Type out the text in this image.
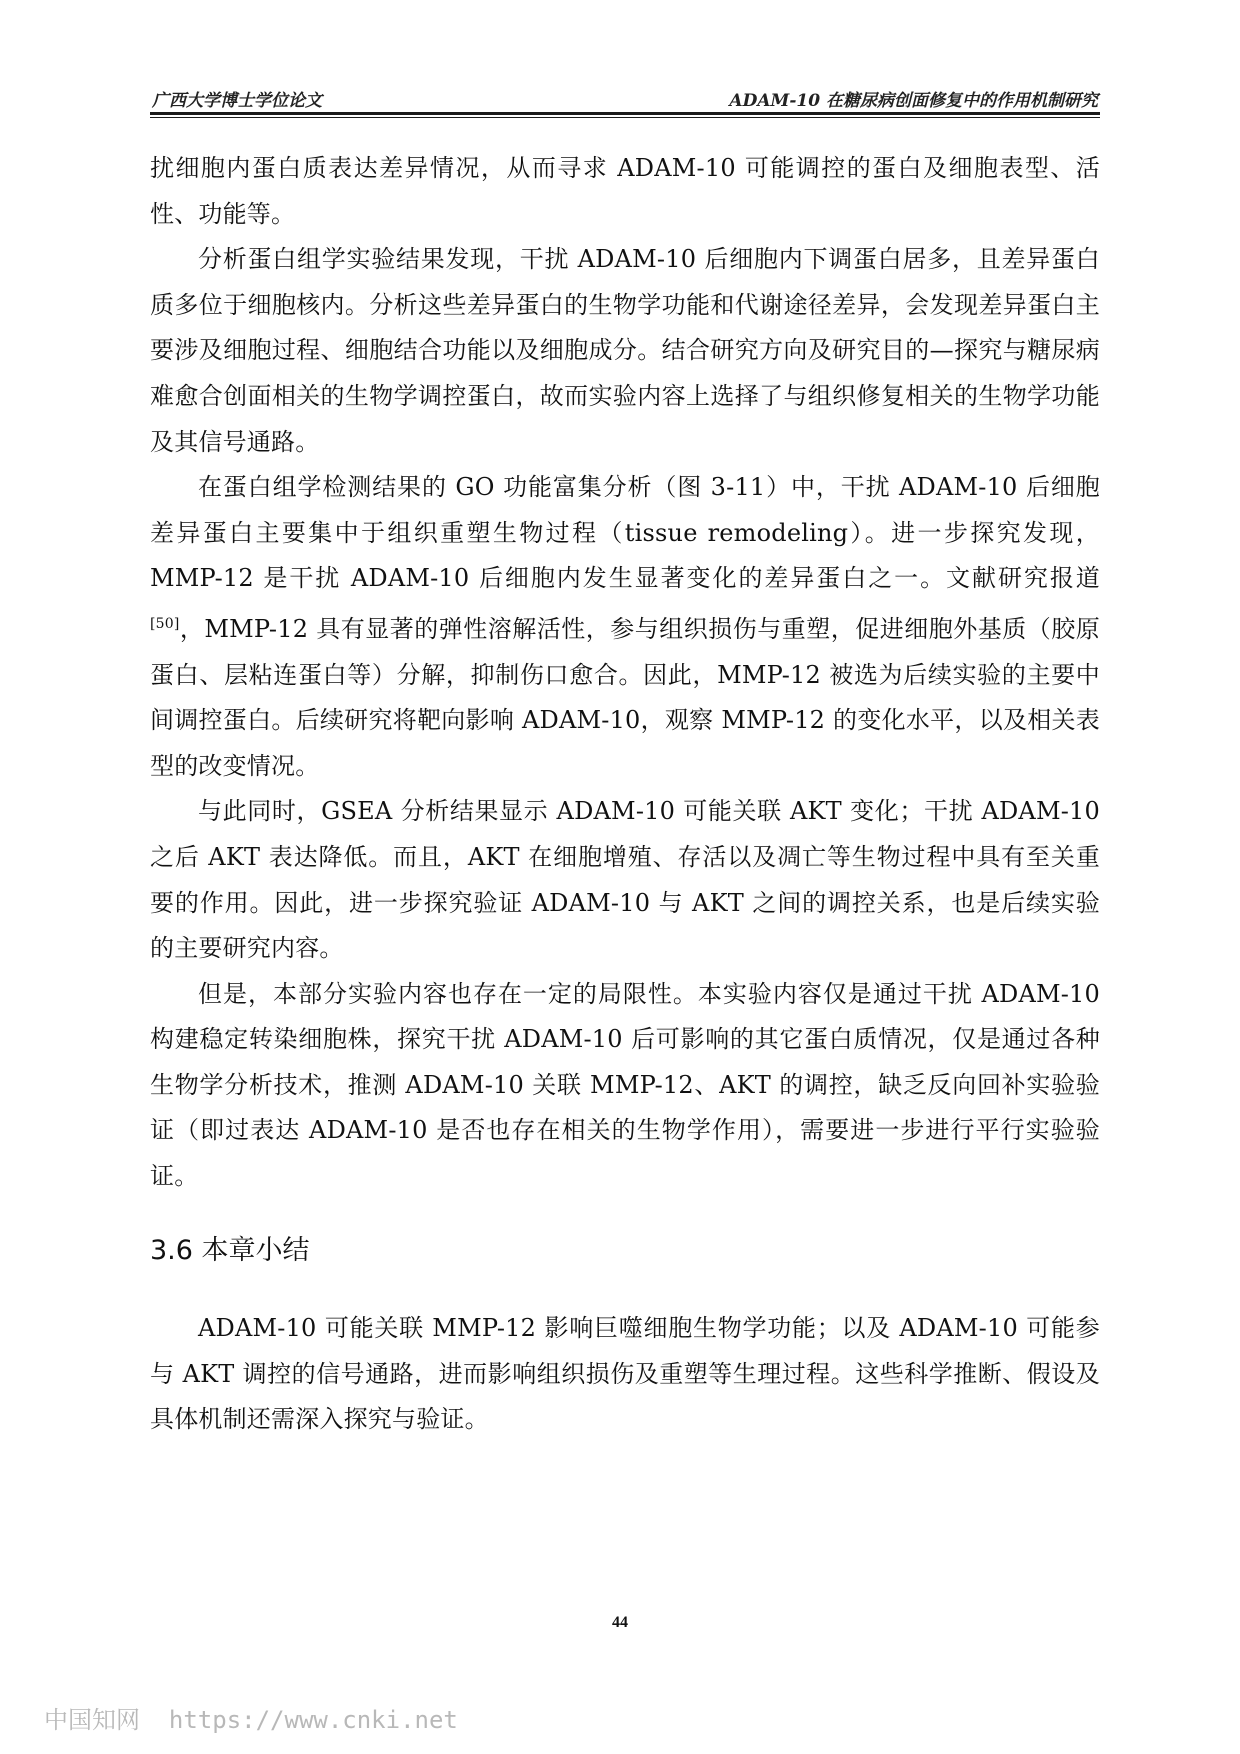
广西大学博士学位论文	ADAM-10 在糖尿病创面修复中的作用机制研究

扰细胞内蛋白质表达差异情况，从而寻求 ADAM-10 可能调控的蛋白及细胞表型、活性、功能等。

分析蛋白组学实验结果发现，干扰 ADAM-10 后细胞内下调蛋白居多，且差异蛋白质多位于细胞核内。分析这些差异蛋白的生物学功能和代谢途径差异，会发现差异蛋白主要涉及细胞过程、细胞结合功能以及细胞成分。结合研究方向及研究目的—探究与糖尿病难愈合创面相关的生物学调控蛋白，故而实验内容上选择了与组织修复相关的生物学功能及其信号通路。

在蛋白组学检测结果的 GO 功能富集分析（图 3-11）中，干扰 ADAM-10 后细胞差异蛋白主要集中于组织重塑生物过程（tissue remodeling）。进一步探究发现，MMP-12 是干扰 ADAM-10 后细胞内发生显著变化的差异蛋白之一。文献研究报道[50]，MMP-12 具有显著的弹性溶解活性，参与组织损伤与重塑，促进细胞外基质（胶原蛋白、层粘连蛋白等）分解，抑制伤口愈合。因此，MMP-12 被选为后续实验的主要中间调控蛋白。后续研究将靶向影响 ADAM-10，观察 MMP-12 的变化水平，以及相关表型的改变情况。

与此同时，GSEA 分析结果显示 ADAM-10 可能关联 AKT 变化；干扰 ADAM-10 之后 AKT 表达降低。而且，AKT 在细胞增殖、存活以及凋亡等生物过程中具有至关重要的作用。因此，进一步探究验证 ADAM-10 与 AKT 之间的调控关系，也是后续实验的主要研究内容。

但是，本部分实验内容也存在一定的局限性。本实验内容仅是通过干扰 ADAM-10 构建稳定转染细胞株，探究干扰 ADAM-10 后可影响的其它蛋白质情况，仅是通过各种生物学分析技术，推测 ADAM-10 关联 MMP-12、AKT 的调控，缺乏反向回补实验验证（即过表达 ADAM-10 是否也存在相关的生物学作用），需要进一步进行平行实验验证。

3.6 本章小结

ADAM-10 可能关联 MMP-12 影响巨噬细胞生物学功能；以及 ADAM-10 可能参与 AKT 调控的信号通路，进而影响组织损伤及重塑等生理过程。这些科学推断、假设及具体机制还需深入探究与验证。

44
中国知网  https://www.cnki.net
